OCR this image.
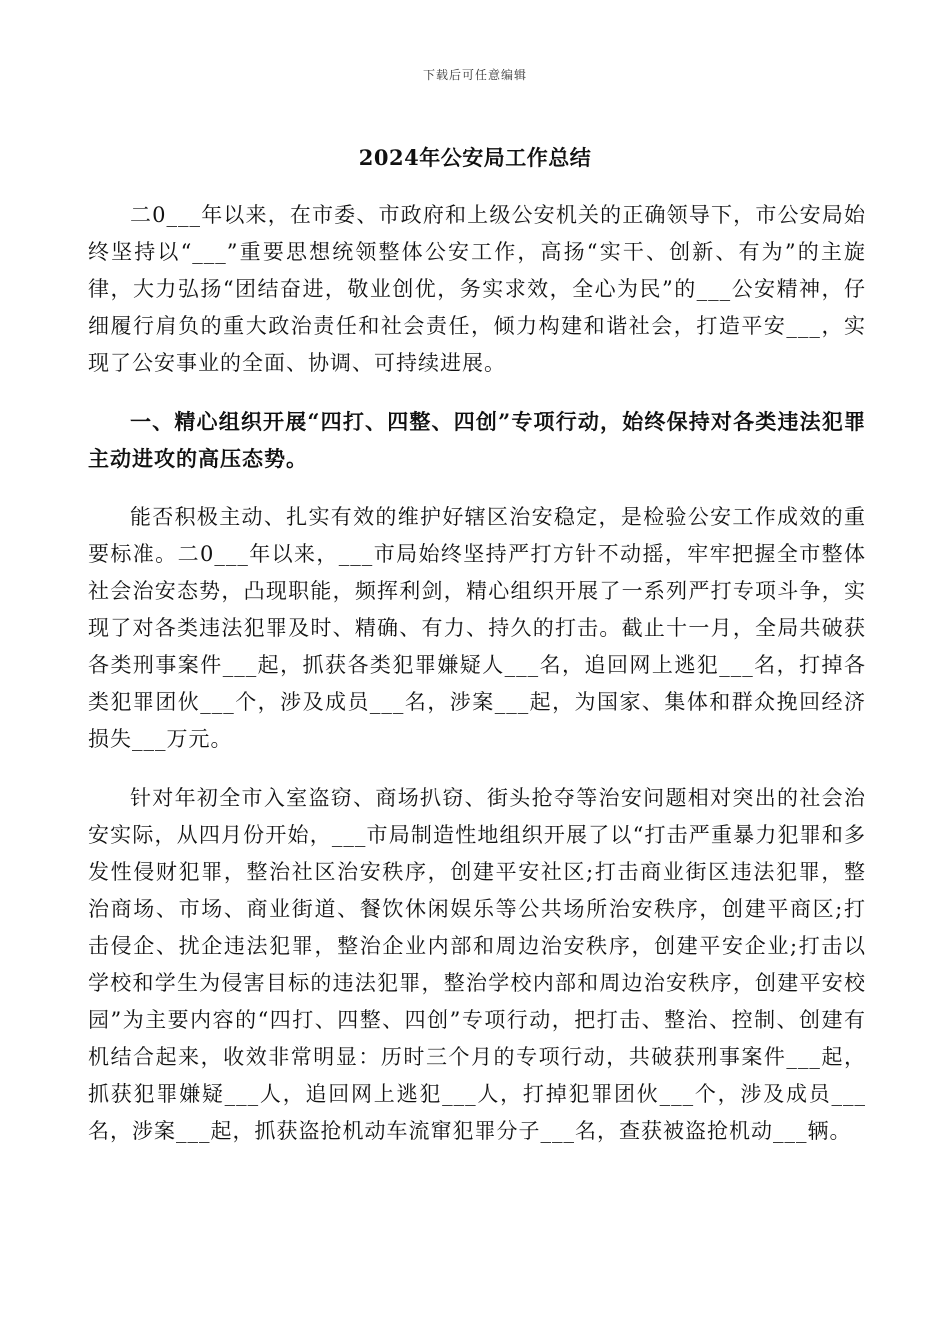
下载后可任意编辑
2024年公安局工作总结

二0___年以来，在市委、市政府和上级公安机关的正确领导下，市公安局始终坚持以“___”重要思想统领整体公安工作，高扬“实干、创新、有为”的主旋律，大力弘扬“团结奋进，敬业创优，务实求效，全心为民”的___公安精神，仔细履行肩负的重大政治责任和社会责任，倾力构建和谐社会，打造平安___，实现了公安事业的全面、协调、可持续进展。

一、精心组织开展“四打、四整、四创”专项行动，始终保持对各类违法犯罪主动进攻的高压态势。

能否积极主动、扎实有效的维护好辖区治安稳定，是检验公安工作成效的重要标准。二0___年以来，___市局始终坚持严打方针不动摇，牢牢把握全市整体社会治安态势，凸现职能，频挥利剑，精心组织开展了一系列严打专项斗争，实现了对各类违法犯罪及时、精确、有力、持久的打击。截止十一月，全局共破获各类刑事案件___起，抓获各类犯罪嫌疑人___名，追回网上逃犯___名，打掉各类犯罪团伙___个，涉及成员___名，涉案___起，为国家、集体和群众挽回经济损失___万元。

针对年初全市入室盗窃、商场扒窃、街头抢夺等治安问题相对突出的社会治安实际，从四月份开始，___市局制造性地组织开展了以“打击严重暴力犯罪和多发性侵财犯罪，整治社区治安秩序，创建平安社区;打击商业街区违法犯罪，整治商场、市场、商业街道、餐饮休闲娱乐等公共场所治安秩序，创建平商区;打击侵企、扰企违法犯罪，整治企业内部和周边治安秩序，创建平安企业;打击以学校和学生为侵害目标的违法犯罪，整治学校内部和周边治安秩序，创建平安校园”为主要内容的“四打、四整、四创”专项行动，把打击、整治、控制、创建有机结合起来，收效非常明显：历时三个月的专项行动，共破获刑事案件___起，抓获犯罪嫌疑___人，追回网上逃犯___人，打掉犯罪团伙___个，涉及成员___名，涉案___起，抓获盗抢机动车流窜犯罪分子___名，查获被盗抢机动___辆。
